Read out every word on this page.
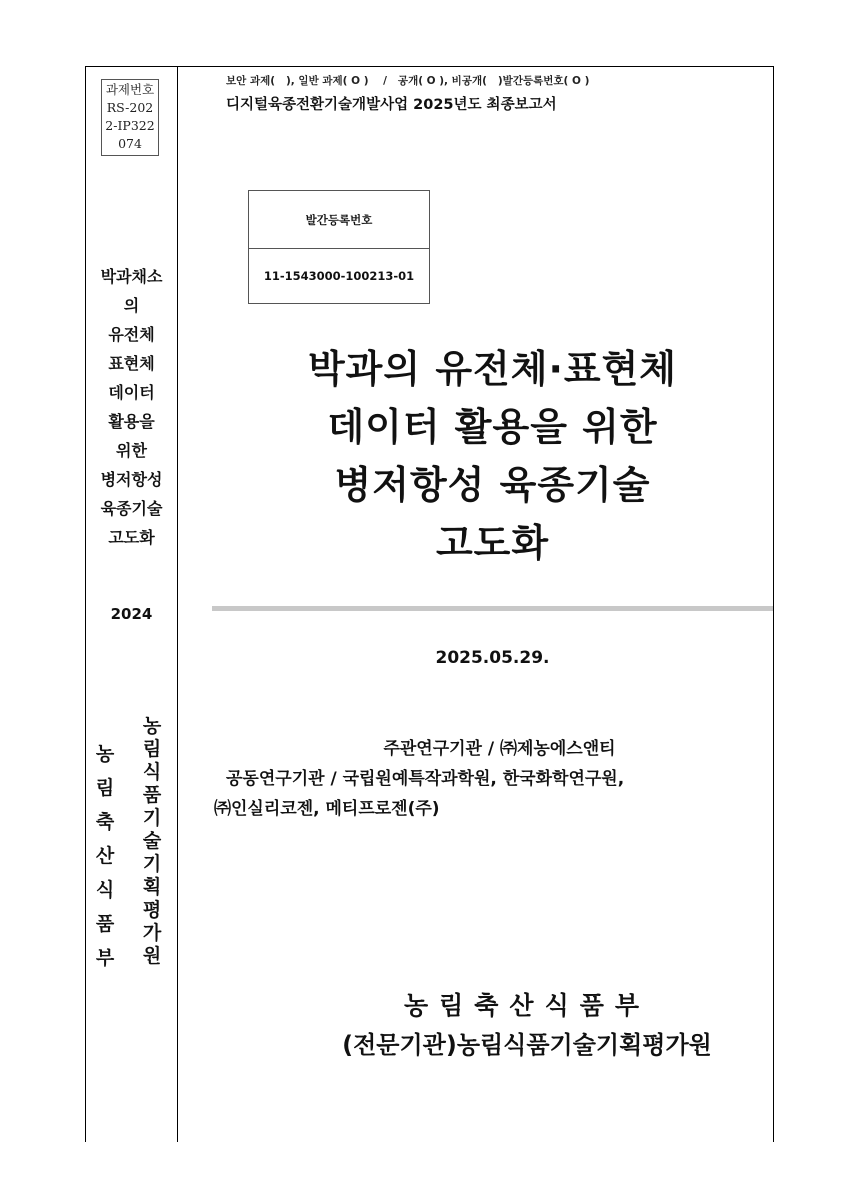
과제번호
RS-202
2-IP322
074
박과채소
의
유전체
표현체
데이터
활용을
위한
병저항성
육종기술
고도화
2024
농
림
축
산
식
품
부
농
림
식
품
기
술
기
획
평
가
원
보안 과제(   ), 일반 과제( O )    /   공개( O ), 비공개(   )발간등록번호( O )
디지털육종전환기술개발사업 2025년도 최종보고서
발간등록번호
11-1543000-100213-01
박과의 유전체·표현체
데이터 활용을 위한
병저항성 육종기술
고도화
2025.05.29.
주관연구기관 / ㈜제농에스앤티
공동연구기관 / 국립원예특작과학원, 한국화학연구원,
㈜인실리코젠, 메티프로젠(주)
농림축산식품부
(전문기관)농림식품기술기획평가원
